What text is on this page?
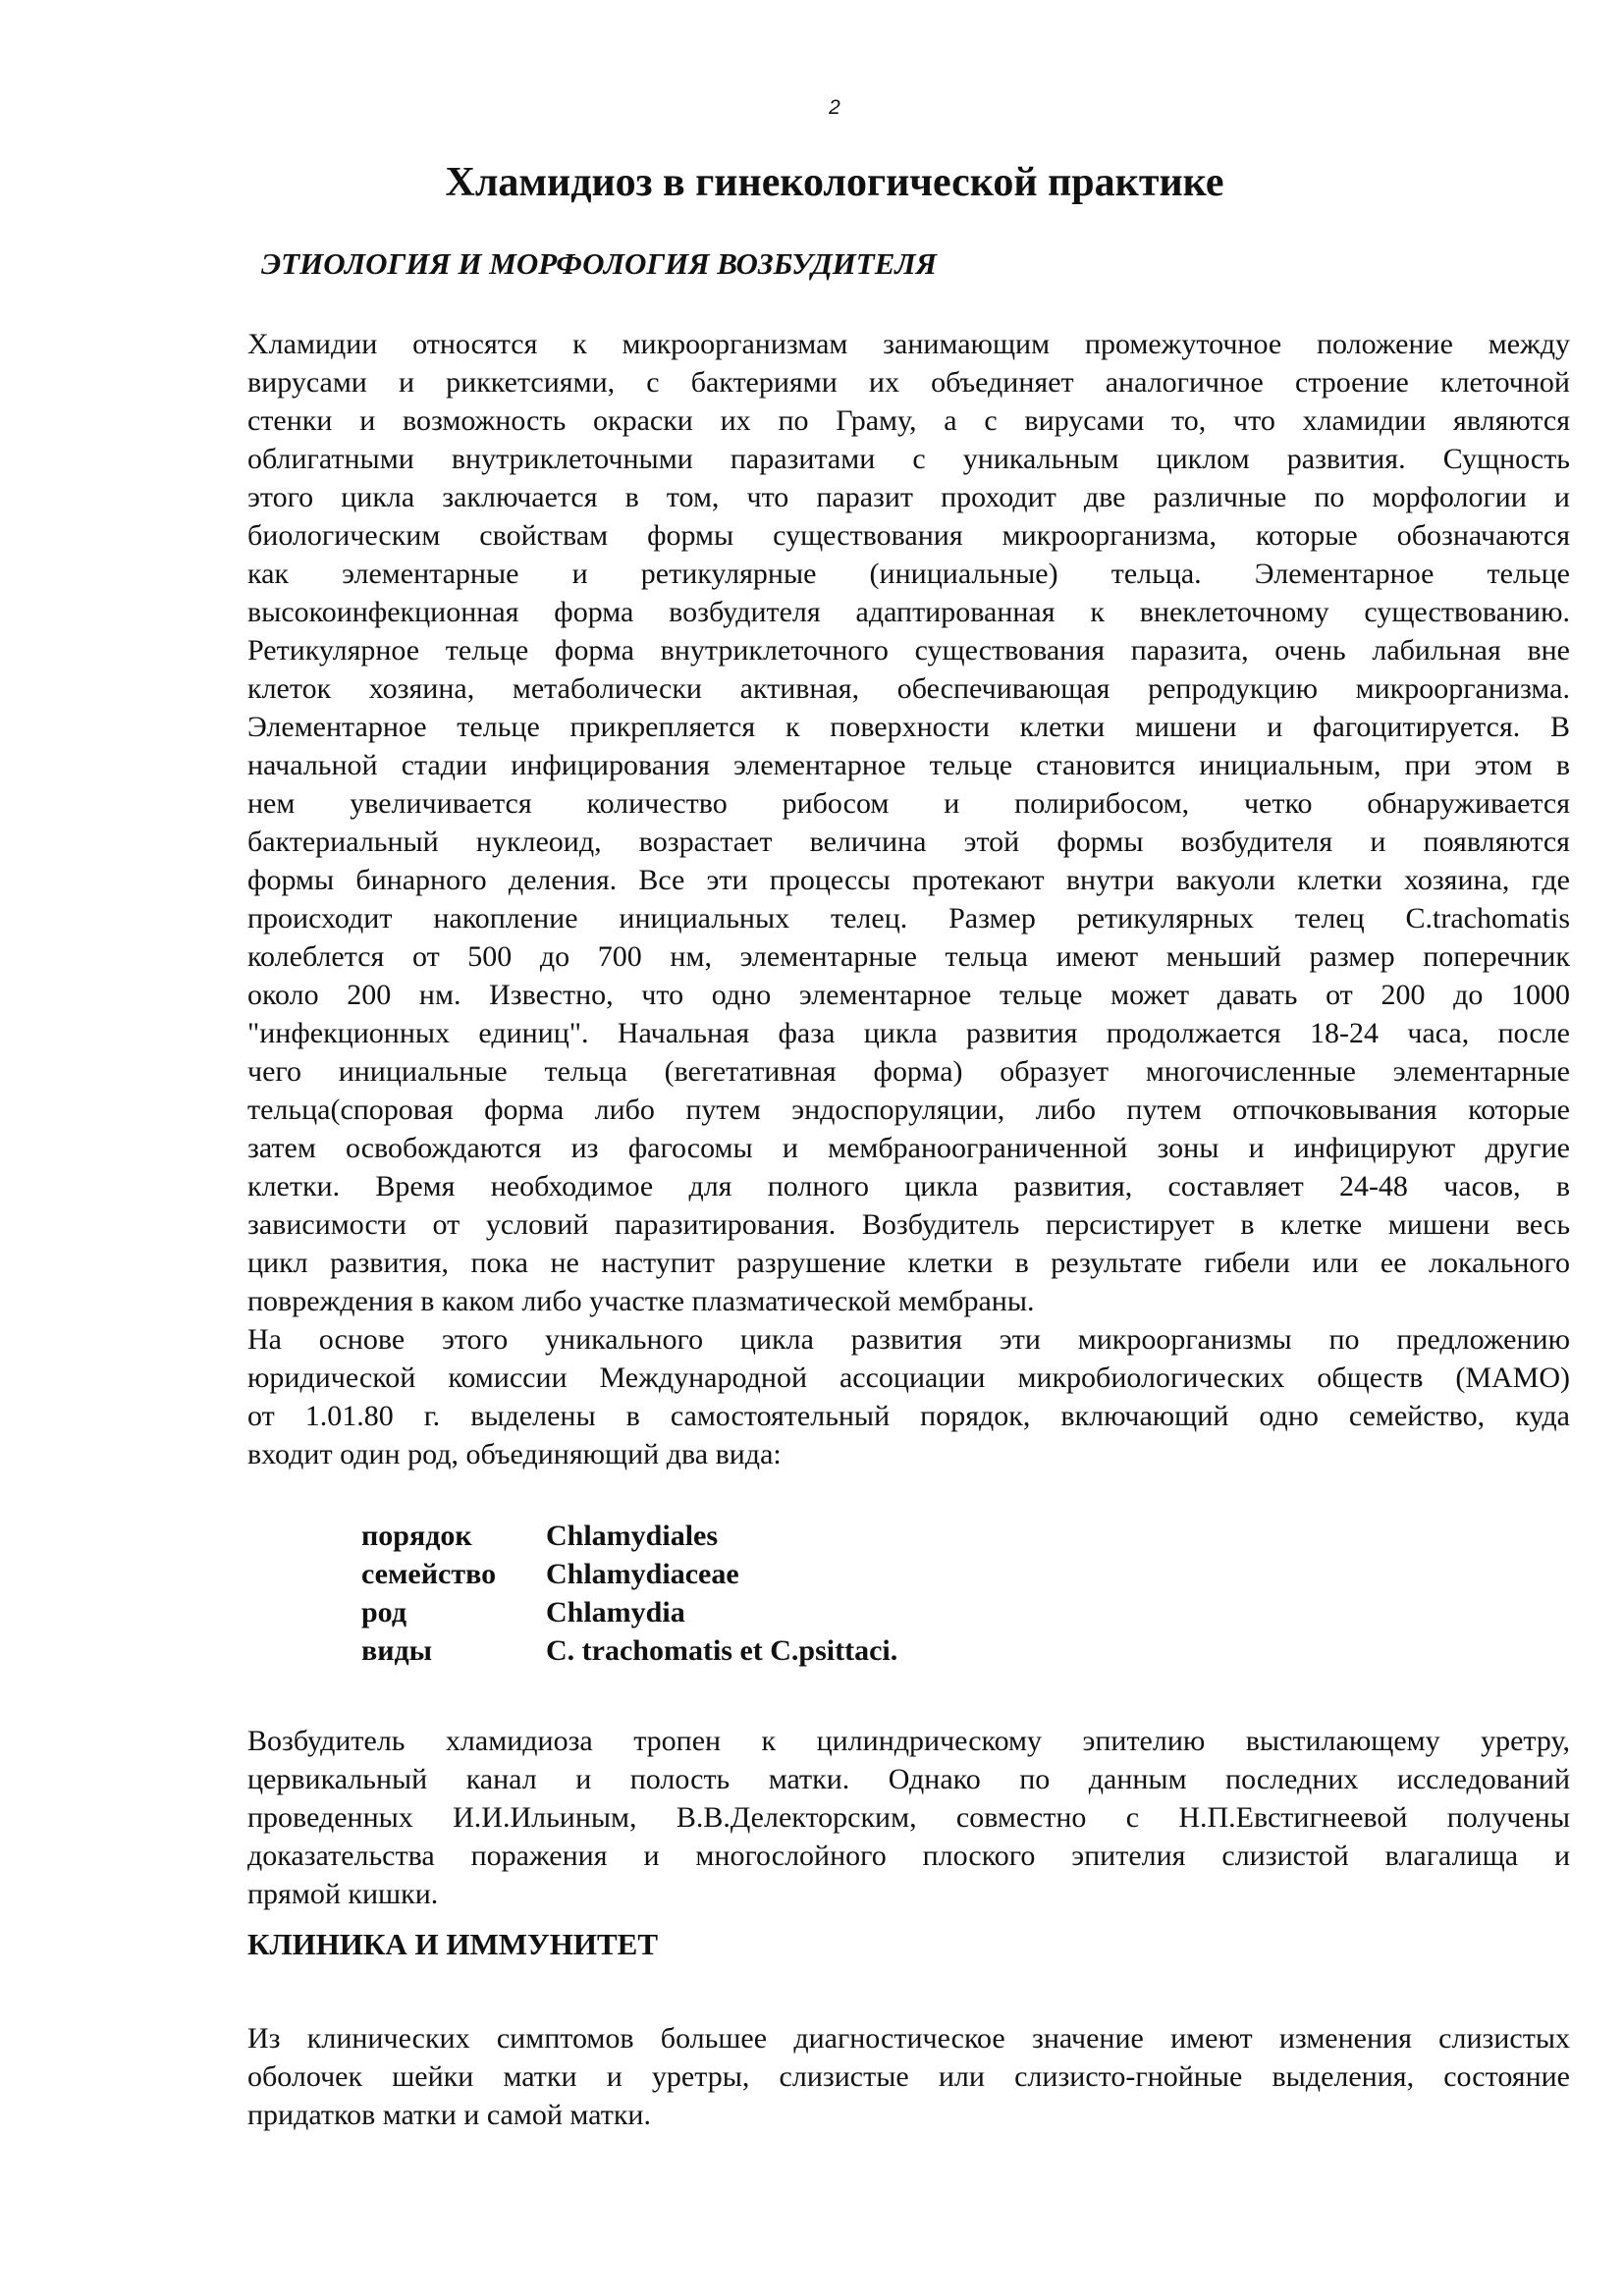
2
Хламидиоз в гинекологической практике
ЭТИОЛОГИЯ И МОРФОЛОГИЯ ВОЗБУДИТЕЛЯ

Хламидии относятся к микроорганизмам занимающим промежуточное положение между
вирусами и риккетсиями, с бактериями их объединяет аналогичное строение клеточной
стенки и возможность окраски их по Граму, а с вирусами то, что хламидии являются
облигатными внутриклеточными паразитами с уникальным циклом развития. Сущность
этого цикла заключается в том, что паразит проходит две различные по морфологии и
биологическим свойствам формы существования микроорганизма, которые обозначаются
как элементарные и ретикулярные (инициальные) тельца. Элементарное тельце
высокоинфекционная форма возбудителя адаптированная к внеклеточному существованию.
Ретикулярное тельце форма внутриклеточного существования паразита, очень лабильная вне
клеток хозяина, метаболически активная, обеспечивающая репродукцию микроорганизма.
Элементарное тельце прикрепляется к поверхности клетки мишени и фагоцитируется. В
начальной стадии инфицирования элементарное тельце становится инициальным, при этом в
нем увеличивается количество рибосом и полирибосом, четко обнаруживается
бактериальный нуклеоид, возрастает величина этой формы возбудителя и появляются
формы бинарного деления. Все эти процессы протекают внутри вакуоли клетки хозяина, где
происходит накопление инициальных телец. Размер ретикулярных телец C.trachomatis
колеблется от 500 до 700 нм, элементарные тельца имеют меньший размер поперечник
около 200 нм. Известно, что одно элементарное тельце может давать от 200 до 1000
"инфекционных единиц". Начальная фаза цикла развития продолжается 18-24 часа, после
чего инициальные тельца (вегетативная форма) образует многочисленные элементарные
тельца(споровая форма либо путем эндоспоруляции, либо путем отпочковывания которые
затем освобождаются из фагосомы и мембраноограниченной зоны и инфицируют другие
клетки. Время необходимое для полного цикла развития, составляет 24-48 часов, в
зависимости от условий паразитирования. Возбудитель персистирует в клетке мишени весь
цикл развития, пока не наступит разрушение клетки в результате гибели или ее локального
повреждения в каком либо участке плазматической мембраны.
На основе этого уникального цикла развития эти микроорганизмы по предложению
юридической комиссии Международной ассоциации микробиологических обществ (МАМО)
от 1.01.80 г. выделены в самостоятельный порядок, включающий одно семейство, куда
входит один род, объединяющий два вида:

порядок	Chlamydiales
семейство	Chlamydiaceae
род	Chlamydia
виды	C. trachomatis et C.psittaci.

Возбудитель хламидиоза тропен к цилиндрическому эпителию выстилающему уретру,
цервикальный канал и полость матки. Однако по данным последних исследований
проведенных И.И.Ильиным, В.В.Делекторским, совместно с Н.П.Евстигнеевой получены
доказательства поражения и многослойного плоского эпителия слизистой влагалища и
прямой кишки.

КЛИНИКА И ИММУНИТЕТ

Из клинических симптомов большее диагностическое значение имеют изменения слизистых
оболочек шейки матки и уретры, слизистые или слизисто-гнойные выделения, состояние
придатков матки и самой матки.
